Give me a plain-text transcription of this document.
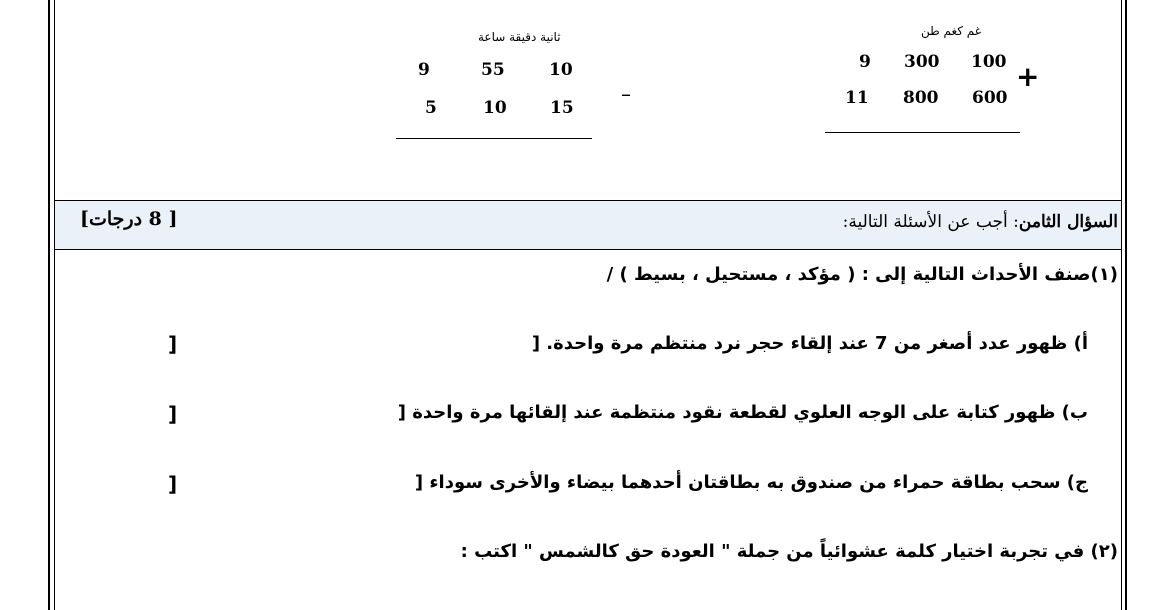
غم كغم طن
9 300 100
11 800 600
+
ثانية دقيقة ساعة
9	55	10
5	10	15
–
السؤال الثامن: أجب عن الأسئلة التالية:
[ 8 درجات]
(١)صنف الأحداث التالية إلى : ( مؤكد ، مستحيل ، بسيط ) /
أ) ظهور عدد أصغر من 7 عند إلقاء حجر نرد منتظم مرة واحدة. [
]
ب) ظهور كتابة على الوجه العلوي لقطعة نقود منتظمة عند إلقائها مرة واحدة [
]
ج) سحب بطاقة حمراء من صندوق به بطاقتان أحدهما بيضاء والأخرى سوداء [
]
(٢) في تجربة اختيار كلمة عشوائياً من جملة " العودة حق كالشمس " اكتب :
